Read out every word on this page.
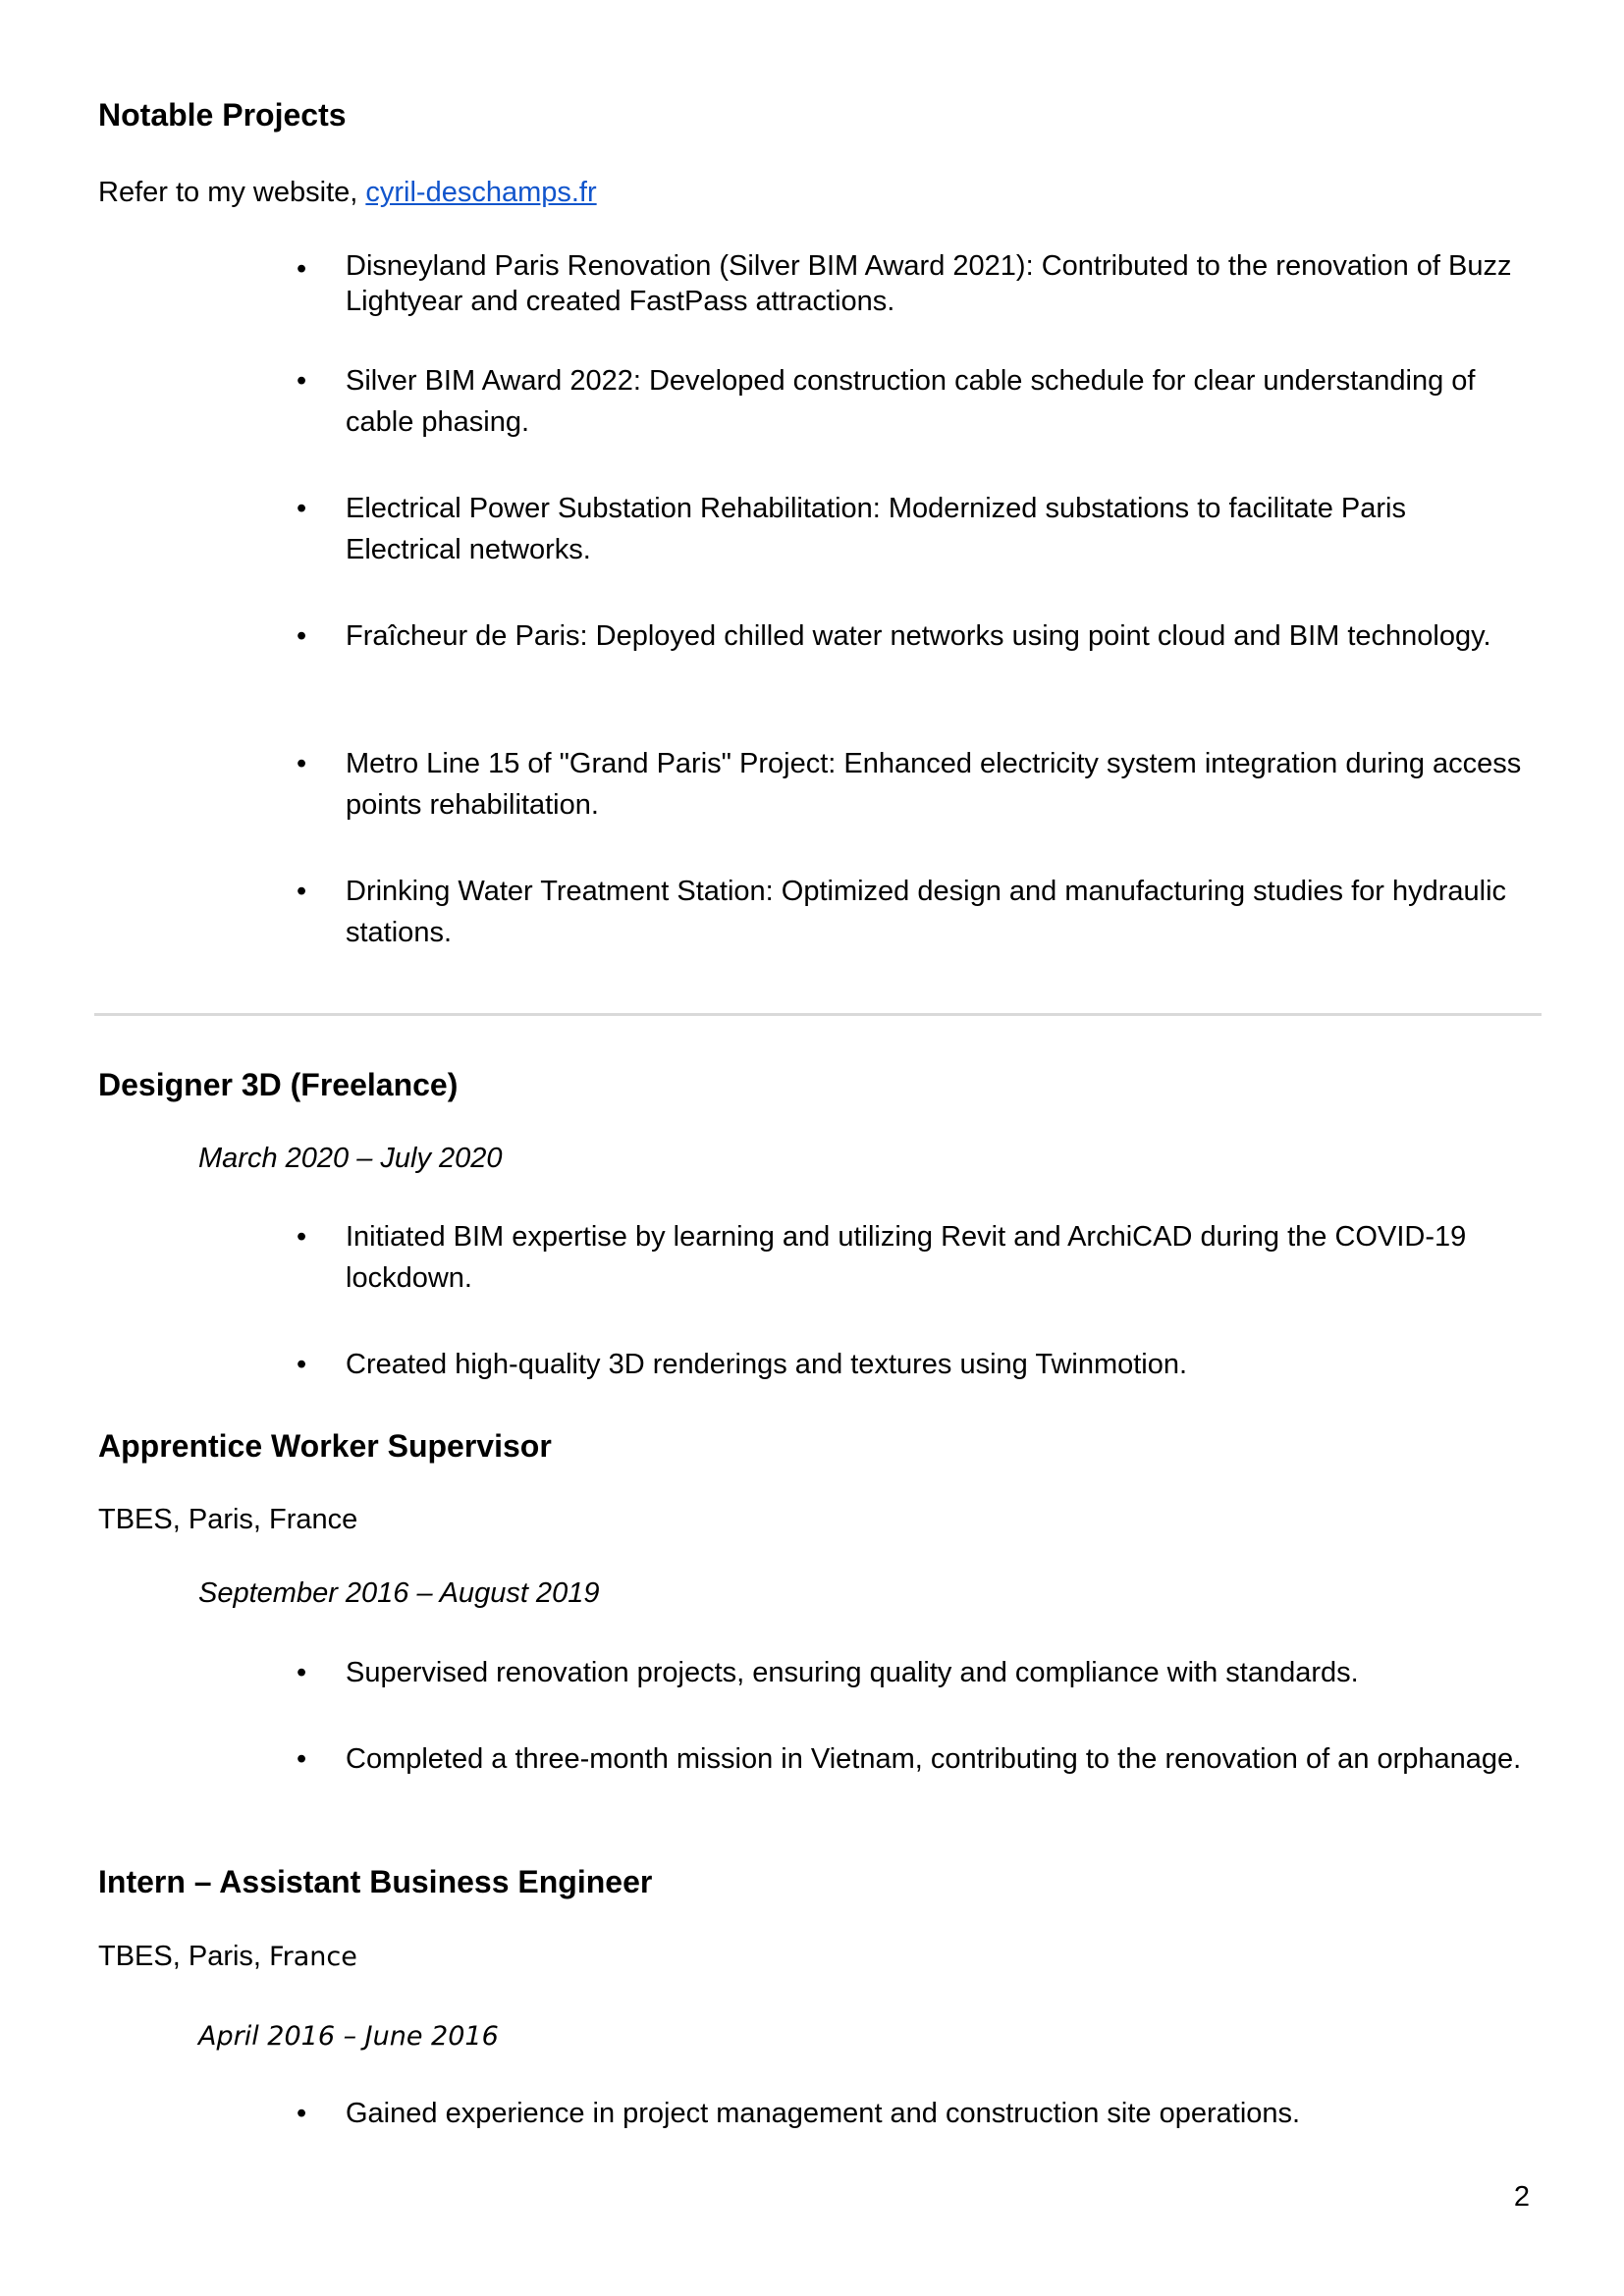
Notable Projects
Refer to my website, cyril-deschamps.fr
• Disneyland Paris Renovation (Silver BIM Award 2021): Contributed to the renovation of Buzz Lightyear and created FastPass attractions.
• Silver BIM Award 2022: Developed construction cable schedule for clear understanding of cable phasing.
• Electrical Power Substation Rehabilitation: Modernized substations to facilitate Paris Electrical networks.
• Fraîcheur de Paris: Deployed chilled water networks using point cloud and BIM technology.
• Metro Line 15 of "Grand Paris" Project: Enhanced electricity system integration during access points rehabilitation.
• Drinking Water Treatment Station: Optimized design and manufacturing studies for hydraulic stations.
Designer 3D (Freelance)
March 2020 – July 2020
• Initiated BIM expertise by learning and utilizing Revit and ArchiCAD during the COVID-19 lockdown.
• Created high-quality 3D renderings and textures using Twinmotion.
Apprentice Worker Supervisor
TBES, Paris, France
September 2016 – August 2019
• Supervised renovation projects, ensuring quality and compliance with standards.
• Completed a three-month mission in Vietnam, contributing to the renovation of an orphanage.
Intern – Assistant Business Engineer
TBES, Paris, France
April 2016 – June 2016
• Gained experience in project management and construction site operations.
2
